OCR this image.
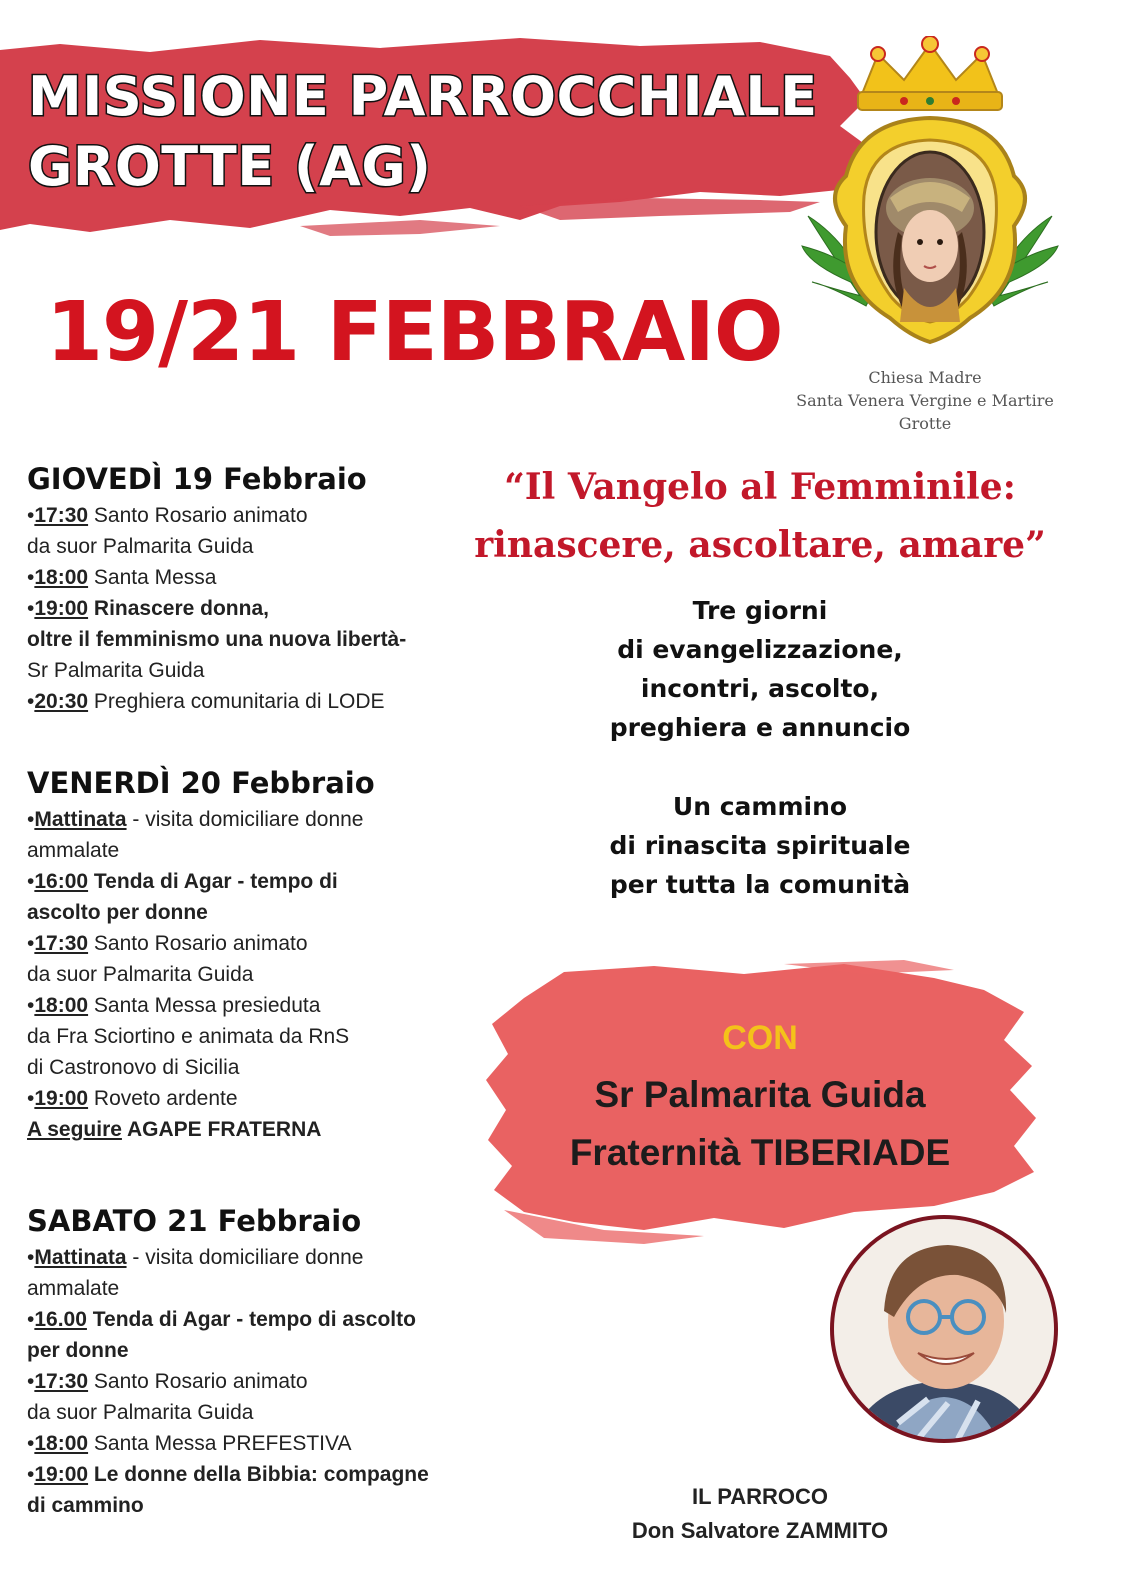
MISSIONE PARROCCHIALE
GROTTE (AG)
19/21 FEBBRAIO	Chiesa Madre
Santa Venera Vergine e Martire
Grotte
GIOVEDÌ 19 Febbraio
•17:30 Santo Rosario animato
da suor Palmarita Guida
•18:00 Santa Messa
•19:00 Rinascere donna,
oltre il femminismo una nuova libertà-
Sr Palmarita Guida
•20:30 Preghiera comunitaria di LODE
VENERDÌ 20 Febbraio
•Mattinata - visita domiciliare donne
ammalate
•16:00 Tenda di Agar - tempo di
ascolto per donne
•17:30 Santo Rosario animato
da suor Palmarita Guida
•18:00 Santa Messa presieduta
da Fra Sciortino e animata da RnS
di Castronovo di Sicilia
•19:00 Roveto ardente
A seguire AGAPE FRATERNA
SABATO 21 Febbraio
•Mattinata - visita domiciliare donne
ammalate
•16.00 Tenda di Agar - tempo di ascolto
per donne
•17:30 Santo Rosario animato
da suor Palmarita Guida
•18:00 Santa Messa PREFESTIVA
•19:00 Le donne della Bibbia: compagne
di cammino
“Il Vangelo al Femminile:
rinascere, ascoltare, amare”
Tre giorni
di evangelizzazione,
incontri, ascolto,
preghiera e annuncio
Un cammino
di rinascita spirituale
per tutta la comunità
CON
Sr Palmarita Guida
Fraternità TIBERIADE
IL PARROCO
Don Salvatore ZAMMITO
